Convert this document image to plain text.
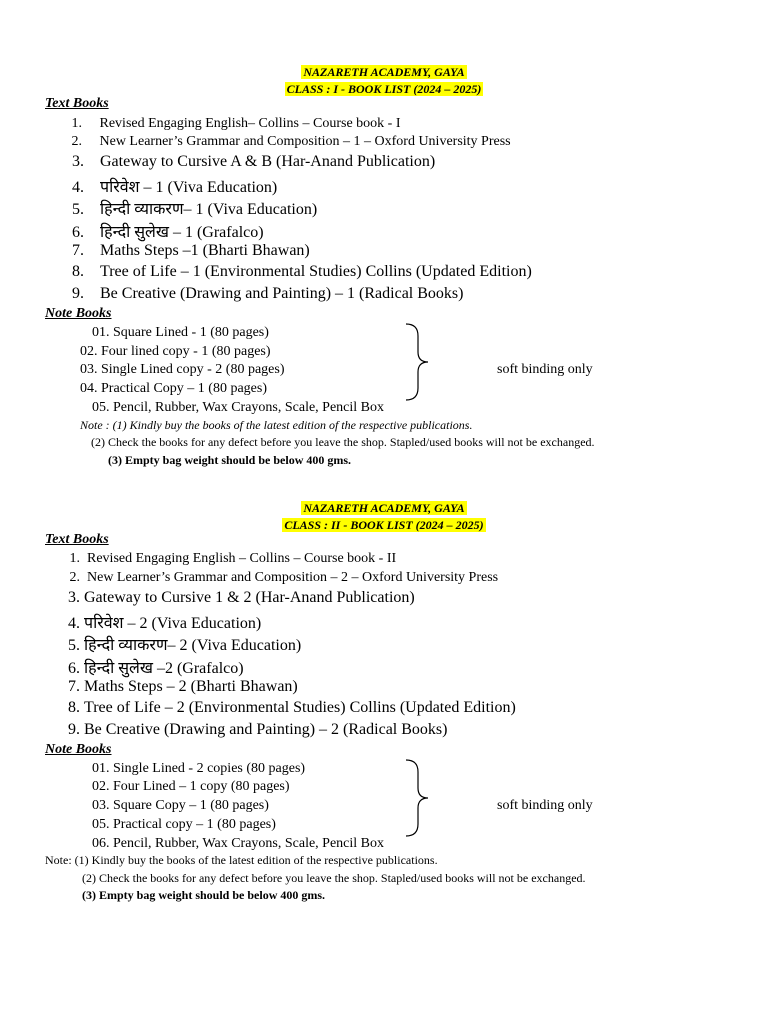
NAZARETH ACADEMY, GAYA
CLASS : I - BOOK LIST (2024 – 2025)
Text Books
1. Revised Engaging English– Collins – Course book - I
2. New Learner’s Grammar and Composition – 1 – Oxford University Press
3. Gateway to Cursive A & B (Har-Anand Publication)
4. परिवेश – 1 (Viva Education)
5. हिन्दी व्याकरण– 1 (Viva Education)
6. हिन्दी सुलेख – 1 (Grafalco)
7. Maths Steps –1 (Bharti Bhawan)
8. Tree of Life – 1 (Environmental Studies) Collins (Updated Edition)
9. Be Creative (Drawing and Painting) – 1 (Radical Books)
Note Books
01. Square Lined - 1 (80 pages)
02. Four lined copy - 1 (80 pages)
03. Single Lined copy - 2 (80 pages)
04. Practical Copy – 1 (80 pages)
05. Pencil, Rubber, Wax Crayons, Scale, Pencil Box
soft binding only
Note : (1) Kindly buy the books of the latest edition of the respective publications.
(2) Check the books for any defect before you leave the shop. Stapled/used books will not be exchanged.
(3) Empty bag weight should be below 400 gms.
NAZARETH ACADEMY, GAYA
CLASS : II - BOOK LIST (2024 – 2025)
Text Books
1. Revised Engaging English – Collins – Course book - II
2. New Learner’s Grammar and Composition – 2 – Oxford University Press
3. Gateway to Cursive 1 & 2 (Har-Anand Publication)
4. परिवेश – 2 (Viva Education)
5. हिन्दी व्याकरण– 2 (Viva Education)
6. हिन्दी सुलेख –2 (Grafalco)
7. Maths Steps – 2 (Bharti Bhawan)
8. Tree of Life – 2 (Environmental Studies) Collins (Updated Edition)
9. Be Creative (Drawing and Painting) – 2 (Radical Books)
Note Books
01. Single Lined - 2 copies (80 pages)
02. Four Lined – 1 copy (80 pages)
03. Square Copy – 1 (80 pages)
05. Practical copy – 1 (80 pages)
06. Pencil, Rubber, Wax Crayons, Scale, Pencil Box
soft binding only
Note: (1) Kindly buy the books of the latest edition of the respective publications.
(2) Check the books for any defect before you leave the shop. Stapled/used books will not be exchanged.
(3) Empty bag weight should be below 400 gms.
